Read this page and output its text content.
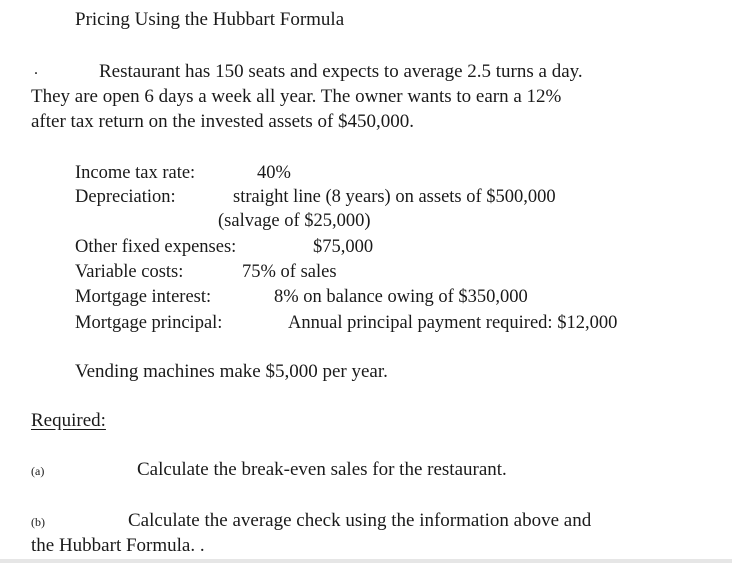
Pricing Using the Hubbart Formula
.	Restaurant has 150 seats and expects to average 2.5 turns a day.
They are open 6 days a week all year. The owner wants to earn a 12%
after tax return on the invested assets of $450,000.
Income tax rate:	40%
Depreciation:	straight line (8 years) on assets of $500,000
(salvage of $25,000)
Other fixed expenses:	$75,000
Variable costs:	75% of sales
Mortgage interest:	8% on balance owing of $350,000
Mortgage principal:	Annual principal payment required: $12,000
Vending machines make $5,000 per year.
Required:
(a)	Calculate the break-even sales for the restaurant.
(b)	Calculate the average check using the information above and
the Hubbart Formula. .
